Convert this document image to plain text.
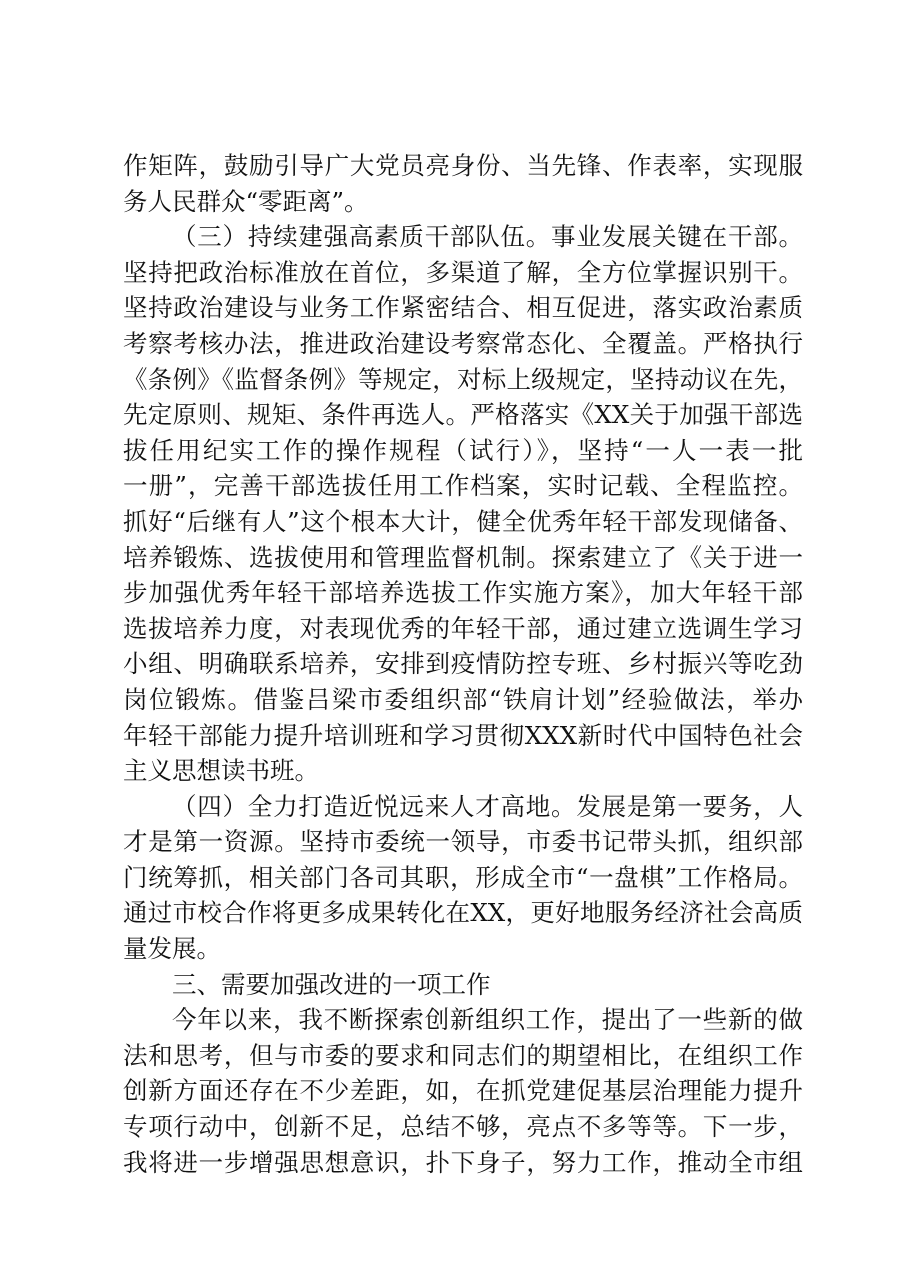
作矩阵，鼓励引导广大党员亮身份、当先锋、作表率，实现服
务人民群众“零距离”。
（三）持续建强高素质干部队伍。事业发展关键在干部。
坚持把政治标准放在首位，多渠道了解，全方位掌握识别干。
坚持政治建设与业务工作紧密结合、相互促进，落实政治素质
考察考核办法，推进政治建设考察常态化、全覆盖。严格执行
《条例》《监督条例》等规定，对标上级规定，坚持动议在先，
先定原则、规矩、条件再选人。严格落实《XX关于加强干部选
拔任用纪实工作的操作规程（试行）》，坚持“一人一表一批
一册”，完善干部选拔任用工作档案，实时记载、全程监控。
抓好“后继有人”这个根本大计，健全优秀年轻干部发现储备、
培养锻炼、选拔使用和管理监督机制。探索建立了《关于进一
步加强优秀年轻干部培养选拔工作实施方案》，加大年轻干部
选拔培养力度，对表现优秀的年轻干部，通过建立选调生学习
小组、明确联系培养，安排到疫情防控专班、乡村振兴等吃劲
岗位锻炼。借鉴吕梁市委组织部“铁肩计划”经验做法，举办
年轻干部能力提升培训班和学习贯彻XXX新时代中国特色社会
主义思想读书班。
（四）全力打造近悦远来人才高地。发展是第一要务，人
才是第一资源。坚持市委统一领导，市委书记带头抓，组织部
门统筹抓，相关部门各司其职，形成全市“一盘棋”工作格局。
通过市校合作将更多成果转化在XX，更好地服务经济社会高质
量发展。
三、需要加强改进的一项工作
今年以来，我不断探索创新组织工作，提出了一些新的做
法和思考，但与市委的要求和同志们的期望相比，在组织工作
创新方面还存在不少差距，如，在抓党建促基层治理能力提升
专项行动中，创新不足，总结不够，亮点不多等等。下一步，
我将进一步增强思想意识，扑下身子，努力工作，推动全市组
